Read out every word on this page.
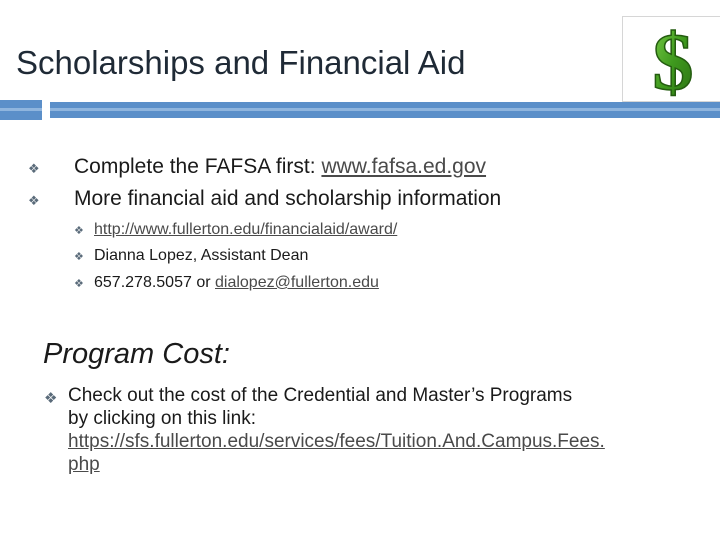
Scholarships and Financial Aid $
❖ Complete the FAFSA first: www.fafsa.ed.gov
❖ More financial aid and scholarship information
❖ http://www.fullerton.edu/financialaid/award/
❖ Dianna Lopez, Assistant Dean
❖ 657.278.5057 or dialopez@fullerton.edu
Program Cost:
❖ Check out the cost of the Credential and Master’s Programs
by clicking on this link:
https://sfs.fullerton.edu/services/fees/Tuition.And.Campus.Fees.
php
